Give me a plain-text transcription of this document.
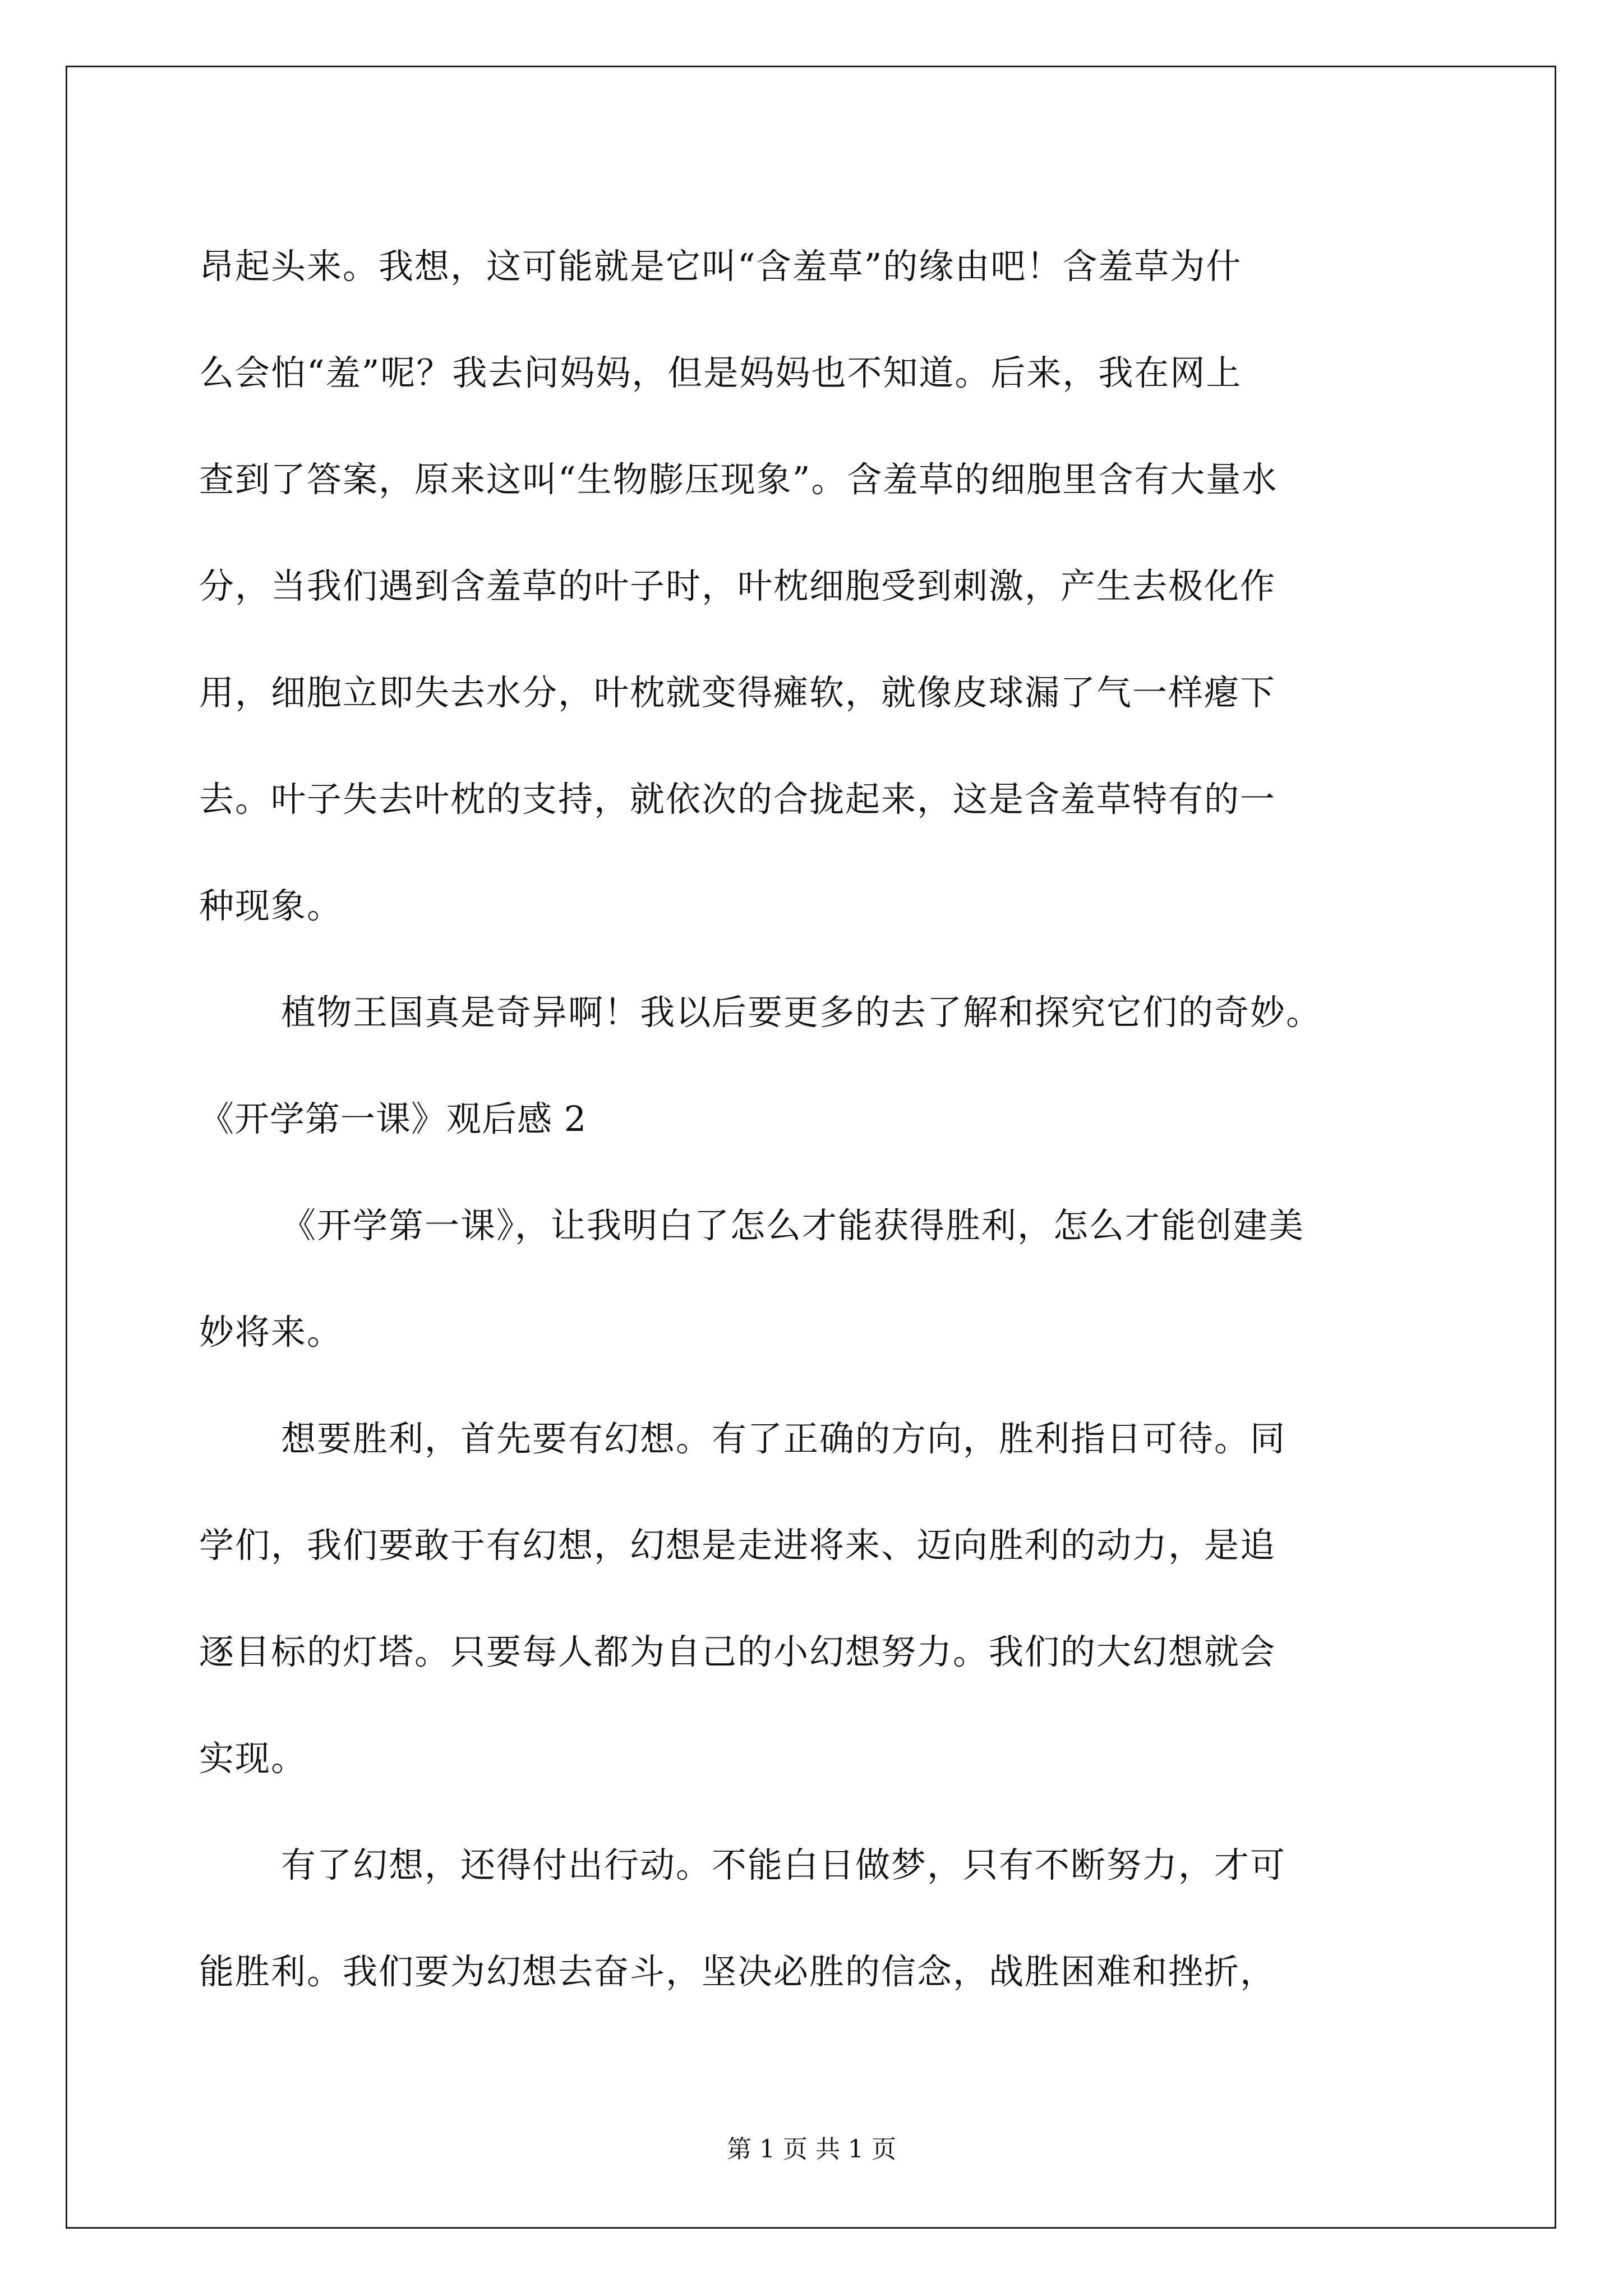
昂起头来。我想，这可能就是它叫“含羞草”的缘由吧！含羞草为什
么会怕“羞”呢？我去问妈妈，但是妈妈也不知道。后来，我在网上
查到了答案，原来这叫“生物膨压现象”。含羞草的细胞里含有大量水
分，当我们遇到含羞草的叶子时，叶枕细胞受到刺激，产生去极化作
用，细胞立即失去水分，叶枕就变得瘫软，就像皮球漏了气一样瘪下
去。叶子失去叶枕的支持，就依次的合拢起来，这是含羞草特有的一
种现象。
植物王国真是奇异啊！我以后要更多的去了解和探究它们的奇妙。
《开学第一课》观后感 2
《开学第一课》，让我明白了怎么才能获得胜利，怎么才能创建美
妙将来。
想要胜利，首先要有幻想。有了正确的方向，胜利指日可待。同
学们，我们要敢于有幻想，幻想是走进将来、迈向胜利的动力，是追
逐目标的灯塔。只要每人都为自己的小幻想努力。我们的大幻想就会
实现。
有了幻想，还得付出行动。不能白日做梦，只有不断努力，才可
能胜利。我们要为幻想去奋斗，坚决必胜的信念，战胜困难和挫折，
第 1 页 共 1 页
